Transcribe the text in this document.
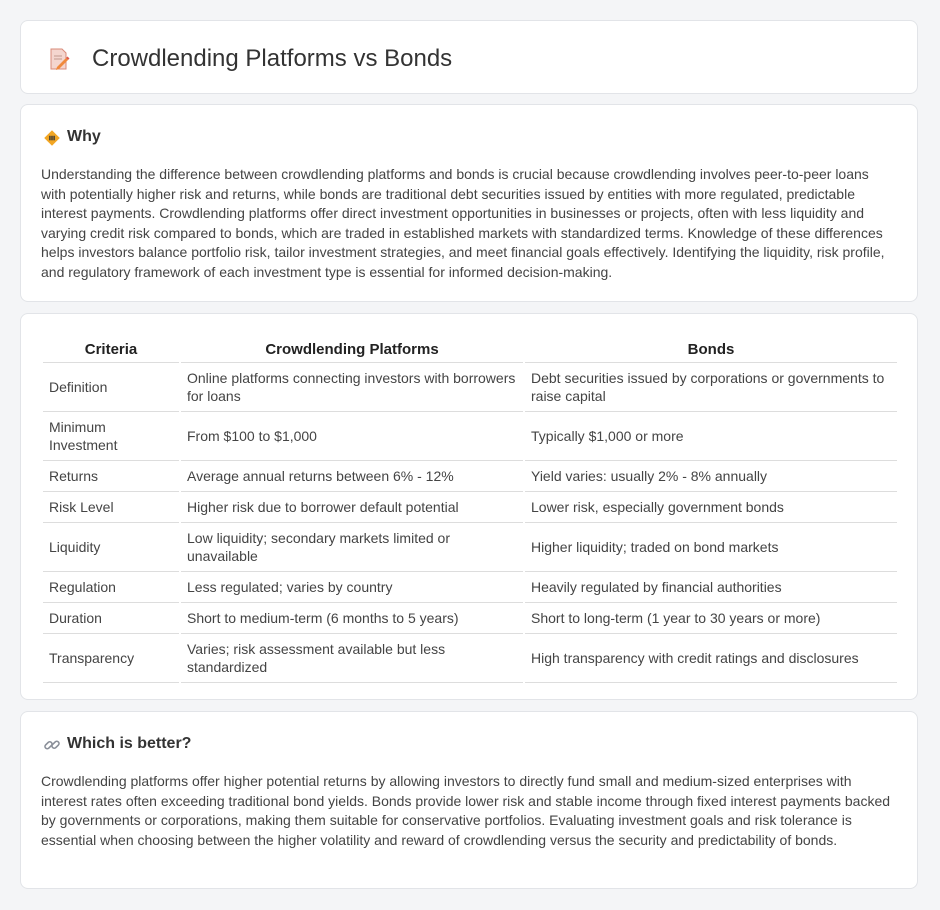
Crowdlending Platforms vs Bonds
Why

Understanding the difference between crowdlending platforms and bonds is crucial because crowdlending involves peer-to-peer loans with potentially higher risk and returns, while bonds are traditional debt securities issued by entities with more regulated, predictable interest payments. Crowdlending platforms offer direct investment opportunities in businesses or projects, often with less liquidity and varying credit risk compared to bonds, which are traded in established markets with standardized terms. Knowledge of these differences helps investors balance portfolio risk, tailor investment strategies, and meet financial goals effectively. Identifying the liquidity, risk profile, and regulatory framework of each investment type is essential for informed decision-making.

Criteria	Crowdlending Platforms	Bonds
Definition	Online platforms connecting investors with borrowers for loans	Debt securities issued by corporations or governments to raise capital
Minimum Investment	From $100 to $1,000	Typically $1,000 or more
Returns	Average annual returns between 6% - 12%	Yield varies: usually 2% - 8% annually
Risk Level	Higher risk due to borrower default potential	Lower risk, especially government bonds
Liquidity	Low liquidity; secondary markets limited or unavailable	Higher liquidity; traded on bond markets
Regulation	Less regulated; varies by country	Heavily regulated by financial authorities
Duration	Short to medium-term (6 months to 5 years)	Short to long-term (1 year to 30 years or more)
Transparency	Varies; risk assessment available but less standardized	High transparency with credit ratings and disclosures
Which is better?

Crowdlending platforms offer higher potential returns by allowing investors to directly fund small and medium-sized enterprises with interest rates often exceeding traditional bond yields. Bonds provide lower risk and stable income through fixed interest payments backed by governments or corporations, making them suitable for conservative portfolios. Evaluating investment goals and risk tolerance is essential when choosing between the higher volatility and reward of crowdlending versus the security and predictability of bonds.
